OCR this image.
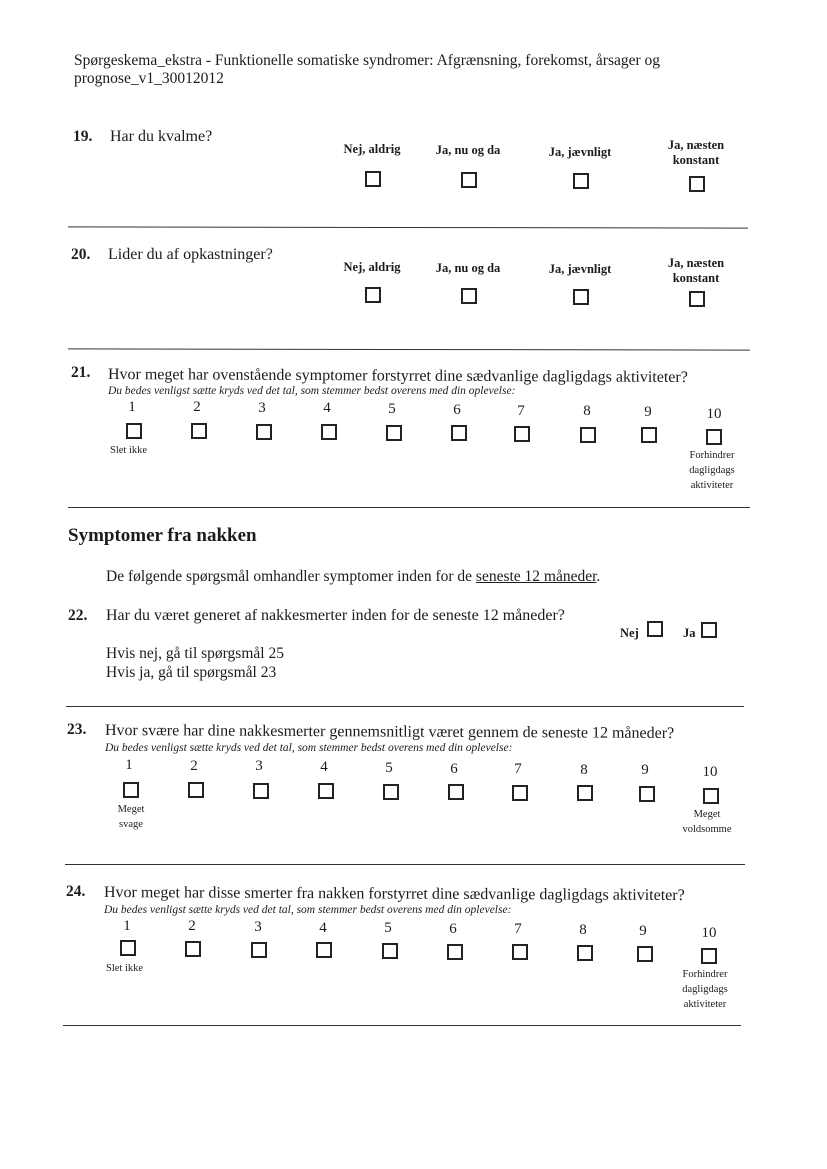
Spørgeskema_ekstra - Funktionelle somatiske syndromer: Afgrænsning, forekomst, årsager og prognose_v1_30012012
19. Har du kvalme?
Nej, aldrig	Ja, nu og da	Ja, jævnligt	Ja, næsten konstant
20. Lider du af opkastninger?
Nej, aldrig	Ja, nu og da	Ja, jævnligt	Ja, næsten konstant
21. Hvor meget har ovenstående symptomer forstyrret dine sædvanlige dagligdags aktiviteter?
Du bedes venligst sætte kryds ved det tal, som stemmer bedst overens med din oplevelse:
1	2	3	4	5	6	7	8	9	10
Slet ikke	Forhindrer dagligdags aktiviteter
Symptomer fra nakken
De følgende spørgsmål omhandler symptomer inden for de seneste 12 måneder.
22. Har du været generet af nakkesmerter inden for de seneste 12 måneder?
Nej	Ja
Hvis nej, gå til spørgsmål 25
Hvis ja, gå til spørgsmål 23
23. Hvor svære har dine nakkesmerter gennemsnitligt været gennem de seneste 12 måneder?
Du bedes venligst sætte kryds ved det tal, som stemmer bedst overens med din oplevelse:
1	2	3	4	5	6	7	8	9	10
Meget svage
Meget voldsomme
24. Hvor meget har disse smerter fra nakken forstyrret dine sædvanlige dagligdags aktiviteter?
Du bedes venligst sætte kryds ved det tal, som stemmer bedst overens med din oplevelse:
1	2	3	4	5	6	7	8	9	10
Slet ikke
Forhindrer dagligdags aktiviteter
